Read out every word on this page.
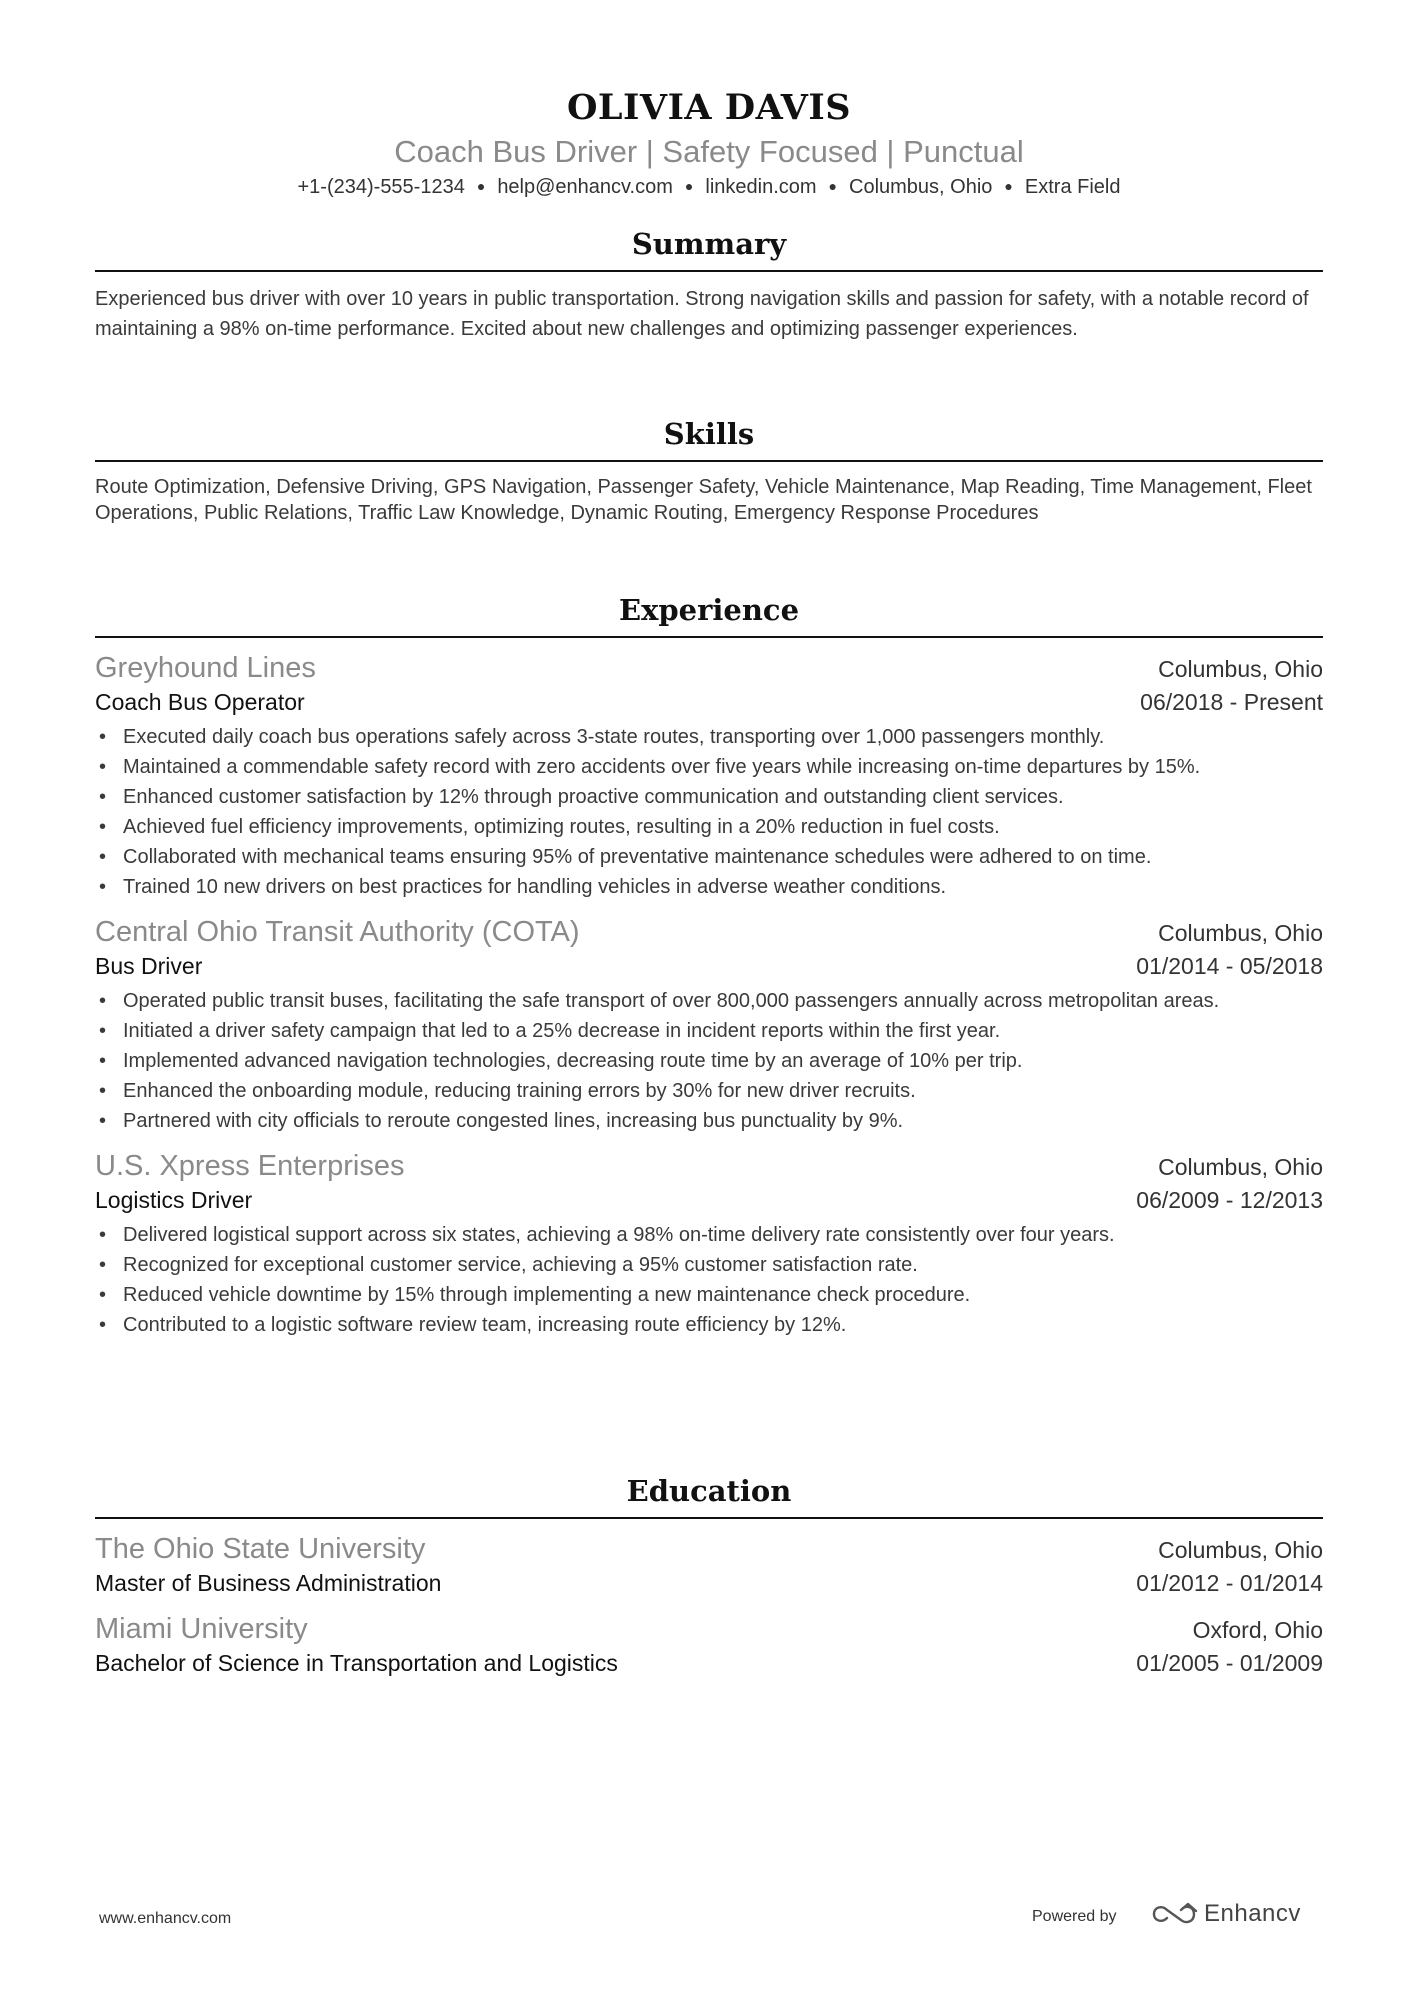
OLIVIA DAVIS
Coach Bus Driver | Safety Focused | Punctual
+1-(234)-555-1234 ● help@enhancv.com ● linkedin.com ● Columbus, Ohio ● Extra Field
Summary
Experienced bus driver with over 10 years in public transportation. Strong navigation skills and passion for safety, with a notable record of maintaining a 98% on-time performance. Excited about new challenges and optimizing passenger experiences.
Skills
Route Optimization, Defensive Driving, GPS Navigation, Passenger Safety, Vehicle Maintenance, Map Reading, Time Management, Fleet Operations, Public Relations, Traffic Law Knowledge, Dynamic Routing, Emergency Response Procedures
Experience
Greyhound Lines	Columbus, Ohio
Coach Bus Operator	06/2018 - Present
• Executed daily coach bus operations safely across 3-state routes, transporting over 1,000 passengers monthly.
• Maintained a commendable safety record with zero accidents over five years while increasing on-time departures by 15%.
• Enhanced customer satisfaction by 12% through proactive communication and outstanding client services.
• Achieved fuel efficiency improvements, optimizing routes, resulting in a 20% reduction in fuel costs.
• Collaborated with mechanical teams ensuring 95% of preventative maintenance schedules were adhered to on time.
• Trained 10 new drivers on best practices for handling vehicles in adverse weather conditions.
Central Ohio Transit Authority (COTA)	Columbus, Ohio
Bus Driver	01/2014 - 05/2018
• Operated public transit buses, facilitating the safe transport of over 800,000 passengers annually across metropolitan areas.
• Initiated a driver safety campaign that led to a 25% decrease in incident reports within the first year.
• Implemented advanced navigation technologies, decreasing route time by an average of 10% per trip.
• Enhanced the onboarding module, reducing training errors by 30% for new driver recruits.
• Partnered with city officials to reroute congested lines, increasing bus punctuality by 9%.
U.S. Xpress Enterprises	Columbus, Ohio
Logistics Driver	06/2009 - 12/2013
• Delivered logistical support across six states, achieving a 98% on-time delivery rate consistently over four years.
• Recognized for exceptional customer service, achieving a 95% customer satisfaction rate.
• Reduced vehicle downtime by 15% through implementing a new maintenance check procedure.
• Contributed to a logistic software review team, increasing route efficiency by 12%.
Education
The Ohio State University	Columbus, Ohio
Master of Business Administration	01/2012 - 01/2014
Miami University	Oxford, Ohio
Bachelor of Science in Transportation and Logistics	01/2005 - 01/2009
www.enhancv.com	Powered by	Enhancv
